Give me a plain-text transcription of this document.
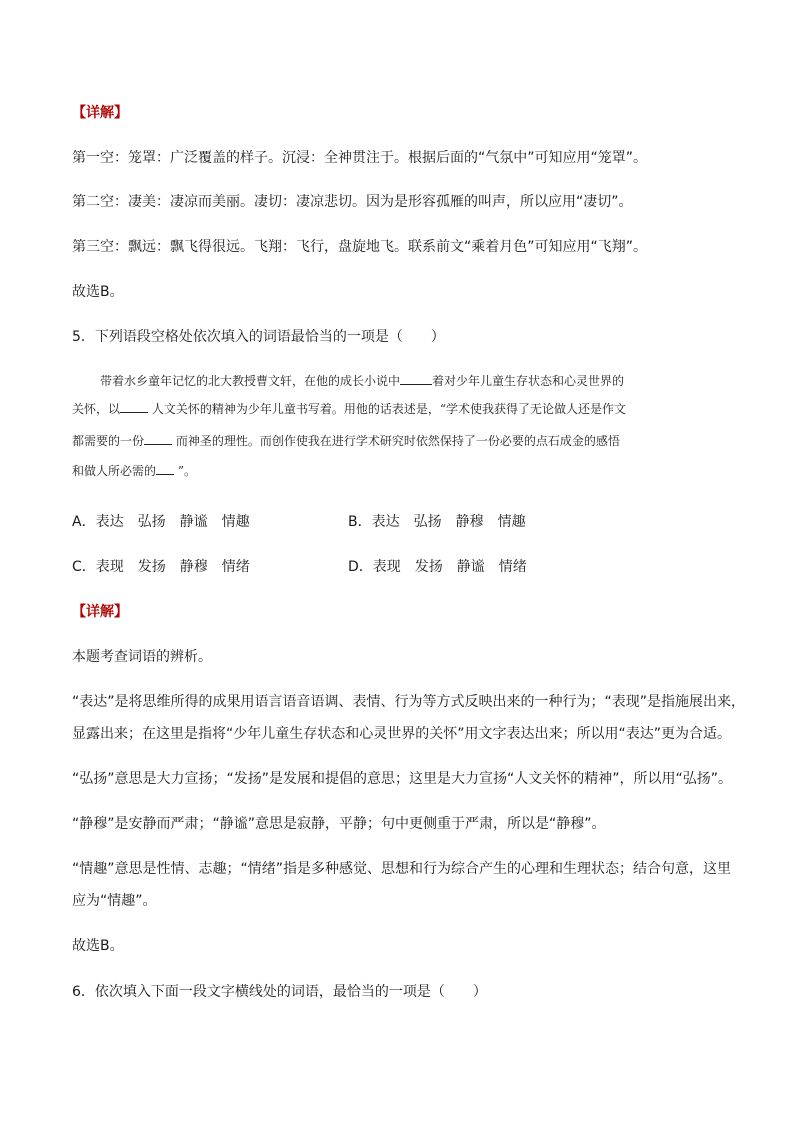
【详解】
第一空：笼罩：广泛覆盖的样子。沉浸：全神贯注于。根据后面的“气氛中”可知应用“笼罩”。
第二空：凄美：凄凉而美丽。凄切：凄凉悲切。因为是形容孤雁的叫声，所以应用“凄切”。
第三空：飘远：飘飞得很远。飞翔：飞行，盘旋地飞。联系前文“乘着月色”可知应用“飞翔”。
故选B。
5．下列语段空格处依次填入的词语最恰当的一项是（　　）
带着水乡童年记忆的北大教授曹文轩，在他的成长小说中	着对少年儿童生存状态和心灵世界的
关怀，以 人文关怀的精神为少年儿童书写着。用他的话表述是，“学术使我获得了无论做人还是作文
都需要的一份 而神圣的理性。而创作使我在进行学术研究时依然保持了一份必要的点石成金的感悟
和做人所必需的 ”。
A．表达 弘扬 静谧 情趣	B．表达 弘扬 静穆 情趣
C．表现 发扬 静穆 情绪	D．表现 发扬 静谧 情绪
【详解】
本题考查词语的辨析。
“表达”是将思维所得的成果用语言语音语调、表情、行为等方式反映出来的一种行为；“表现”是指施展出来，
显露出来；在这里是指将“少年儿童生存状态和心灵世界的关怀”用文字表达出来；所以用“表达”更为合适。
“弘扬”意思是大力宣扬；“发扬”是发展和提倡的意思；这里是大力宣扬“人文关怀的精神”，所以用“弘扬”。
“静穆”是安静而严肃；“静谧”意思是寂静，平静；句中更侧重于严肃，所以是“静穆”。
“情趣”意思是性情、志趣；“情绪”指是多种感觉、思想和行为综合产生的心理和生理状态；结合句意，这里
应为“情趣”。
故选B。
6．依次填入下面一段文字横线处的词语，最恰当的一项是（　　）
